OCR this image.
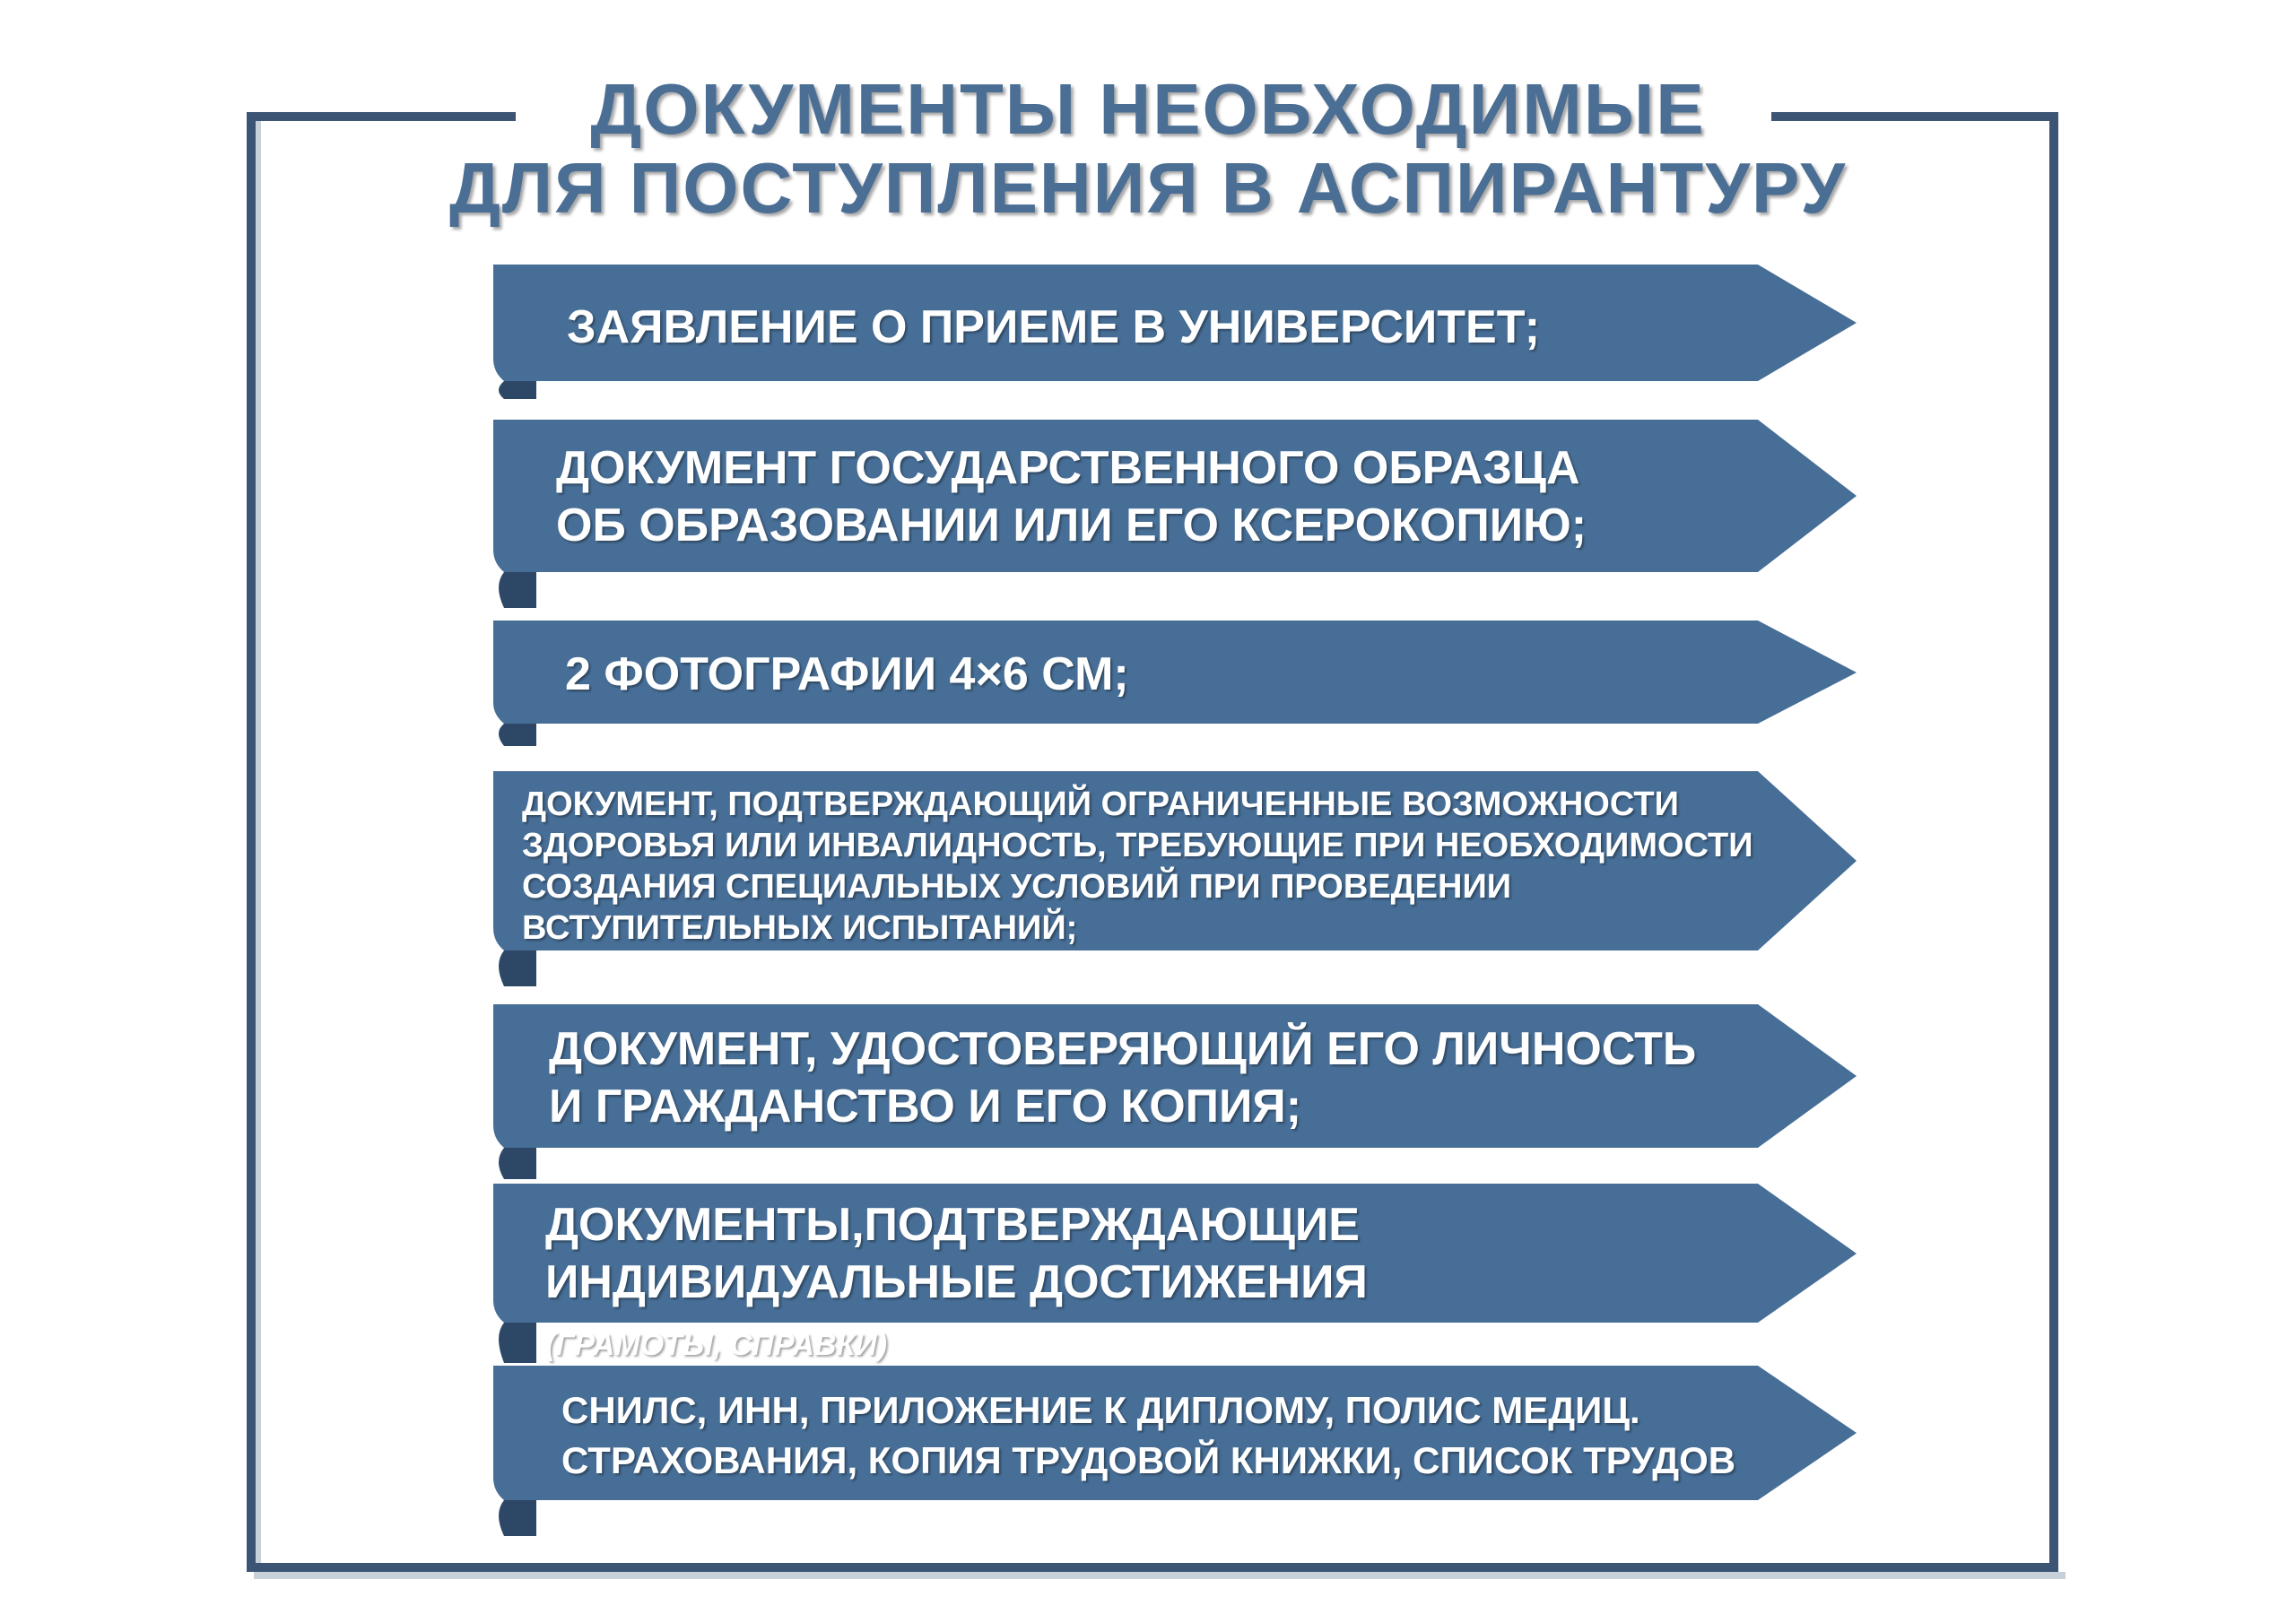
ДОКУМЕНТЫ НЕОБХОДИМЫЕ
ДЛЯ ПОСТУПЛЕНИЯ В АСПИРАНТУРУ
ЗАЯВЛЕНИЕ О ПРИЕМЕ В УНИВЕРСИТЕТ;
ДОКУМЕНТ ГОСУДАРСТВЕННОГО ОБРАЗЦА
ОБ ОБРАЗОВАНИИ ИЛИ ЕГО КСЕРОКОПИЮ;
2 ФОТОГРАФИИ 4×6 СМ;
ДОКУМЕНТ, ПОДТВЕРЖДАЮЩИЙ ОГРАНИЧЕННЫЕ ВОЗМОЖНОСТИ
ЗДОРОВЬЯ ИЛИ ИНВАЛИДНОСТЬ, ТРЕБУЮЩИЕ ПРИ НЕОБХОДИМОСТИ
СОЗДАНИЯ СПЕЦИАЛЬНЫХ УСЛОВИЙ ПРИ ПРОВЕДЕНИИ
ВСТУПИТЕЛЬНЫХ ИСПЫТАНИЙ;
ДОКУМЕНТ, УДОСТОВЕРЯЮЩИЙ ЕГО ЛИЧНОСТЬ
И ГРАЖДАНСТВО И ЕГО КОПИЯ;
ДОКУМЕНТЫ,ПОДТВЕРЖДАЮЩИЕ
ИНДИВИДУАЛЬНЫЕ ДОСТИЖЕНИЯ
(ГРАМОТЫ, СПРАВКИ)
СНИЛС, ИНН, ПРИЛОЖЕНИЕ К ДИПЛОМУ, ПОЛИС МЕДИЦ.
СТРАХОВАНИЯ, КОПИЯ ТРУДОВОЙ КНИЖКИ, СПИСОК ТРУДОВ
